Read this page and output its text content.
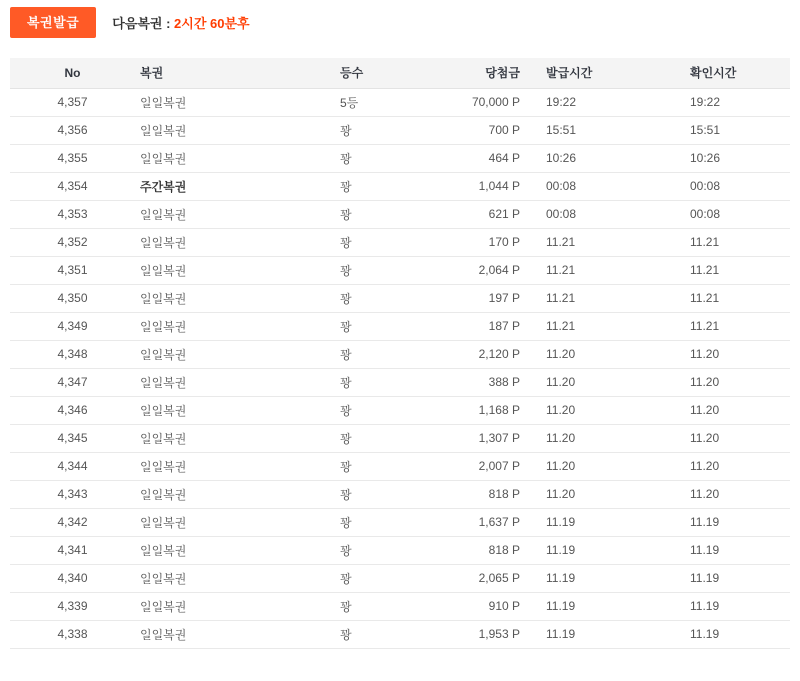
복권발급	다음복권 : 2시간 60분후
No	복권	등수	당첨금	발급시간	확인시간
4,357	일일복권	5등	70,000 P	19:22	19:22
4,356	일일복권	꽝	700 P	15:51	15:51
4,355	일일복권	꽝	464 P	10:26	10:26
4,354	주간복권	꽝	1,044 P	00:08	00:08
4,353	일일복권	꽝	621 P	00:08	00:08
4,352	일일복권	꽝	170 P	11.21	11.21
4,351	일일복권	꽝	2,064 P	11.21	11.21
4,350	일일복권	꽝	197 P	11.21	11.21
4,349	일일복권	꽝	187 P	11.21	11.21
4,348	일일복권	꽝	2,120 P	11.20	11.20
4,347	일일복권	꽝	388 P	11.20	11.20
4,346	일일복권	꽝	1,168 P	11.20	11.20
4,345	일일복권	꽝	1,307 P	11.20	11.20
4,344	일일복권	꽝	2,007 P	11.20	11.20
4,343	일일복권	꽝	818 P	11.20	11.20
4,342	일일복권	꽝	1,637 P	11.19	11.19
4,341	일일복권	꽝	818 P	11.19	11.19
4,340	일일복권	꽝	2,065 P	11.19	11.19
4,339	일일복권	꽝	910 P	11.19	11.19
4,338	일일복권	꽝	1,953 P	11.19	11.19
